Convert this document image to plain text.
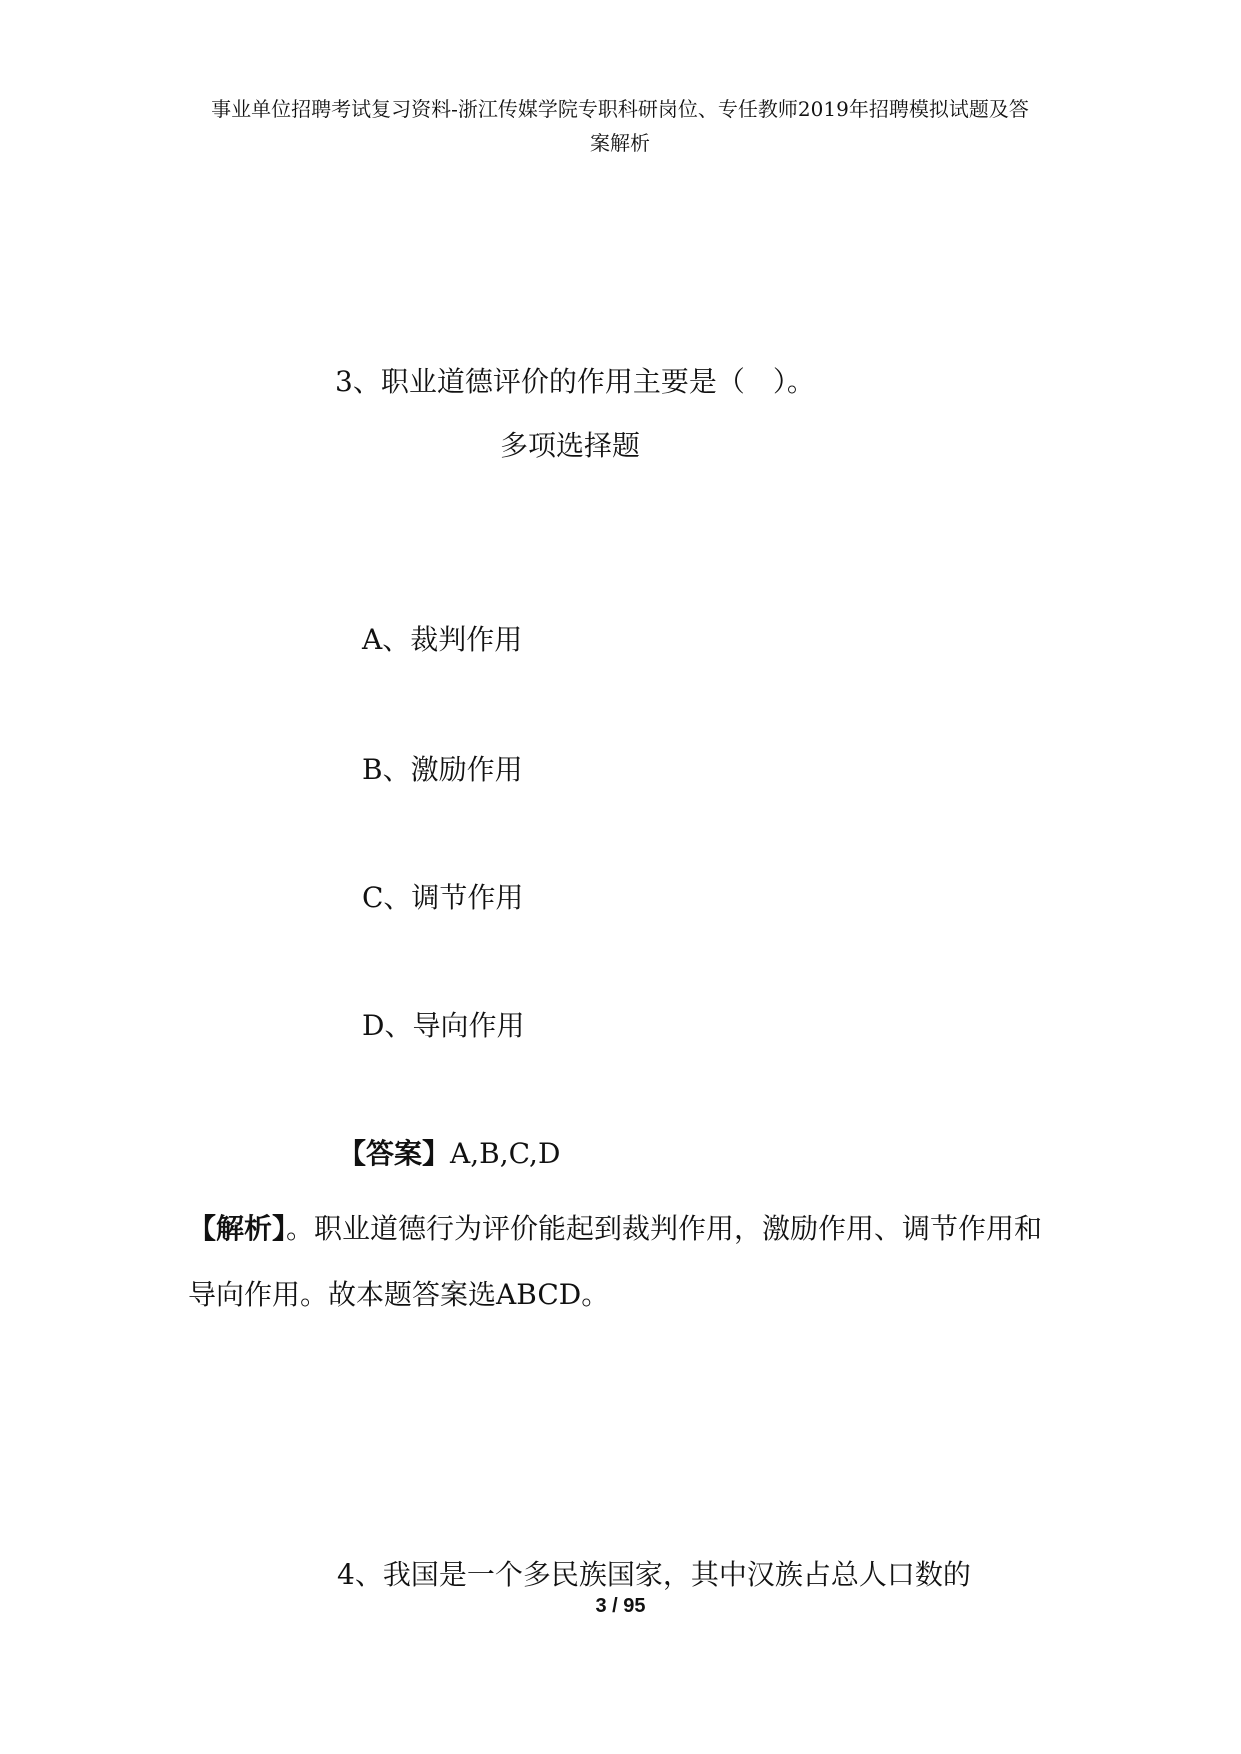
事业单位招聘考试复习资料-浙江传媒学院专职科研岗位、专任教师2019年招聘模拟试题及答
案解析
3、职业道德评价的作用主要是（　）。
多项选择题
A、裁判作用
B、激励作用
C、调节作用
D、导向作用
【答案】A,B,C,D
【解析】。职业道德行为评价能起到裁判作用，激励作用、调节作用和导向作用。故本题答案选ABCD。
4、我国是一个多民族国家，其中汉族占总人口数的
3 / 95
